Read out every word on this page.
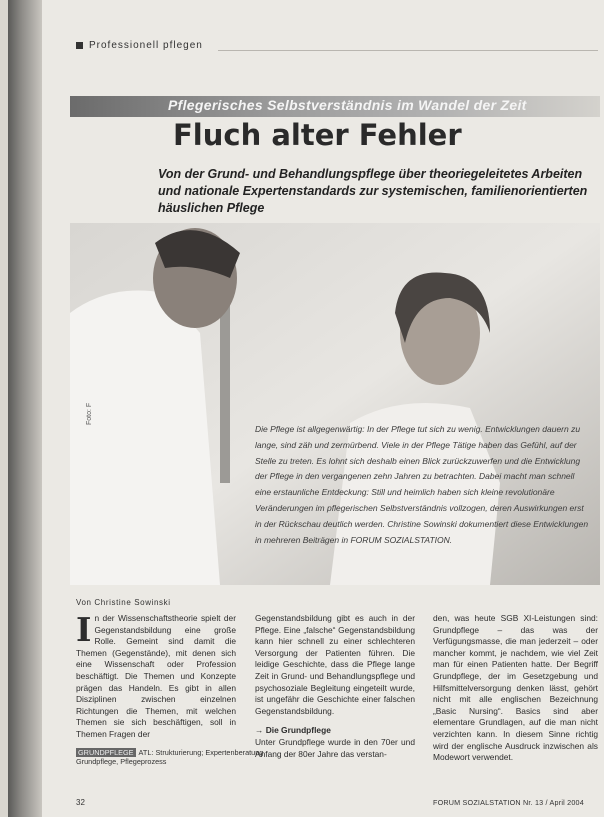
Professionell pflegen
Pflegerisches Selbstverständnis im Wandel der Zeit
Fluch alter Fehler
Von der Grund- und Behandlungspflege über theoriegeleitetes Arbeiten und nationale Expertenstandards zur systemischen, familienorientierten häuslichen Pflege
Foto: F
Die Pflege ist allgegenwärtig: In der Pflege tut sich zu wenig. Entwicklungen dauern zu lange, sind zäh und zermürbend. Viele in der Pflege Tätige haben das Gefühl, auf der Stelle zu treten. Es lohnt sich deshalb einen Blick zurückzuwerfen und die Entwicklung der Pflege in den vergangenen zehn Jahren zu betrachten. Dabei macht man schnell eine erstaunliche Entdeckung: Still und heimlich haben sich kleine revolutionäre Veränderungen im pflegerischen Selbstverständnis vollzogen, deren Auswirkungen erst in der Rückschau deutlich werden. Christine Sowinski dokumentiert diese Entwicklungen in mehreren Beiträgen in FORUM SOZIALSTATION.
Von Christine Sowinski
I n der Wissenschaftstheorie spielt der Gegenstandsbildung eine große Rolle. Gemeint sind damit die Themen (Gegenstände), mit denen sich eine Wissenschaft oder Profession beschäftigt. Die Themen und Konzepte prägen das Handeln. Es gibt in allen Disziplinen zwischen einzelnen Richtungen die Themen, mit welchen Themen sie sich beschäftigen, soll in Themen Fragen der

GRUNDPFLEGE ATL: Strukturierung; Expertenberatung Grundpflege, Pflegeprozess

Gegenstandsbildung gibt es auch in der Pflege. Eine „falsche“ Gegenstandsbildung kann hier schnell zu einer schlechteren Versorgung der Patienten führen. Die leidige Geschichte, dass die Pflege lange Zeit in Grund- und Behandlungspflege und psychosoziale Begleitung eingeteilt wurde, ist ungefähr die Geschichte einer falschen Gegenstandsbildung.

→ Die Grundpflege

Unter Grundpflege wurde in den 70er und Anfang der 80er Jahre das verstan-

den, was heute SGB XI-Leistungen sind: Grundpflege – das was der Verfügungsmasse, die man jederzeit – oder mancher kommt, je nachdem, wie viel Zeit man für einen Patienten hatte. Der Begriff Grundpflege, der im Gesetzgebung und Hilfsmittelversorgung denken lässt, gehört nicht mit alle englischen Bezeichnung „Basic Nursing“. Basics sind aber elementare Grundlagen, auf die man nicht verzichten kann. In diesem Sinne richtig wird der englische Ausdruck inzwischen als Modewort verwendet.

32	FORUM SOZIALSTATION Nr. 13 / April 2004
